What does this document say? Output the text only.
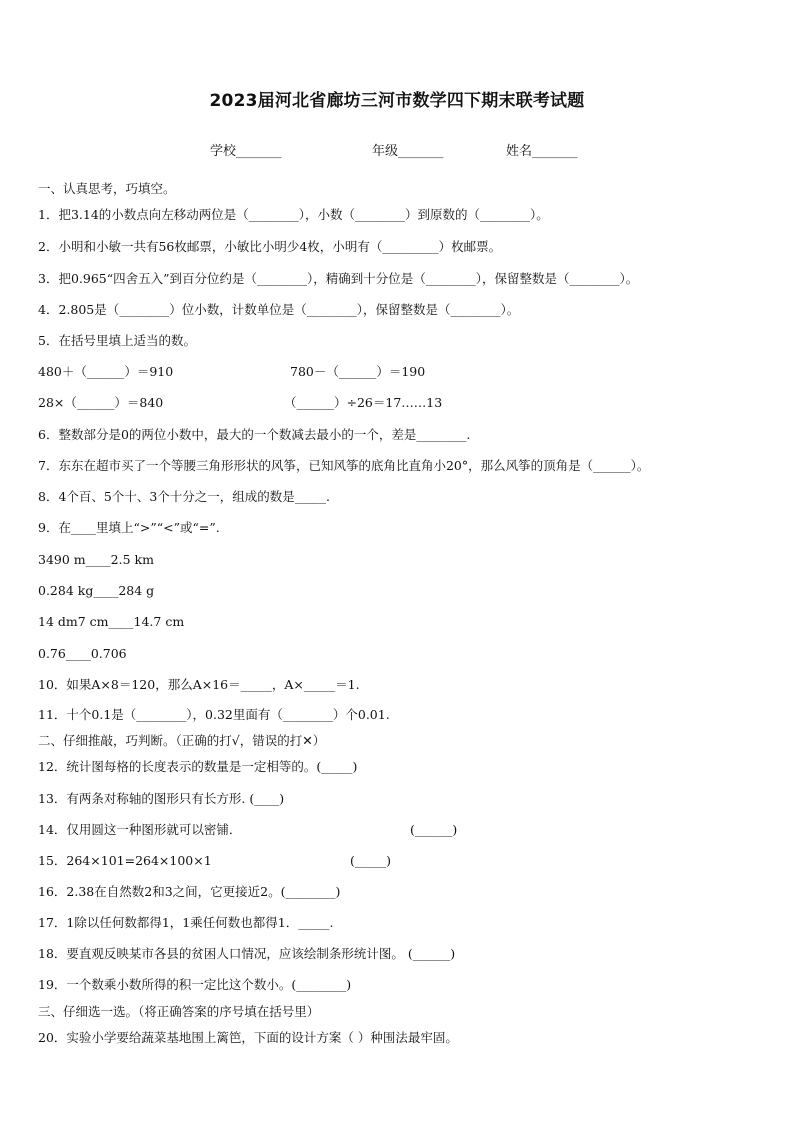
2023届河北省廊坊三河市数学四下期末联考试题
学校_______	年级_______	姓名_______
一、认真思考，巧填空。
1．把3.14的小数点向左移动两位是（________），小数（________）到原数的（________）。
2．小明和小敏一共有56枚邮票，小敏比小明少4枚，小明有（_________）枚邮票。
3．把0.965“四舍五入”到百分位约是（________），精确到十分位是（________），保留整数是（________）。
4．2.805是（________）位小数，计数单位是（________），保留整数是（________）。
5．在括号里填上适当的数。
480＋（______）＝910	780－（______）＝190
28×（______）＝840	（______）÷26＝17……13
6．整数部分是0的两位小数中，最大的一个数减去最小的一个，差是________.
7．东东在超市买了一个等腰三角形形状的风筝，已知风筝的底角比直角小20°，那么风筝的顶角是（______）。
8．4个百、5个十、3个十分之一，组成的数是_____.
9．在____里填上“>”“<”或“=”.
3490 m____2.5 km
0.284 kg____284 g
14 dm7 cm____14.7 cm
0.76____0.706
10．如果A×8＝120，那么A×16＝_____，A×_____＝1.
11．十个0.1是（________），0.32里面有（________）个0.01.
二、仔细推敲，巧判断。（正确的打√，错误的打✕）
12．统计图每格的长度表示的数量是一定相等的。(_____)
13．有两条对称轴的图形只有长方形. (____)
14．仅用圆这一种图形就可以密铺．	(______)
15．264×101=264×100×1	(_____)
16．2.38在自然数2和3之间，它更接近2。(________)
17．1除以任何数都得1，1乘任何数也都得1．_____.
18．要直观反映某市各县的贫困人口情况，应该绘制条形统计图。 (______)
19．一个数乘小数所得的积一定比这个数小。(________)
三、仔细选一选。（将正确答案的序号填在括号里）
20．实验小学要给蔬菜基地围上篱笆，下面的设计方案（ ）种围法最牢固。
